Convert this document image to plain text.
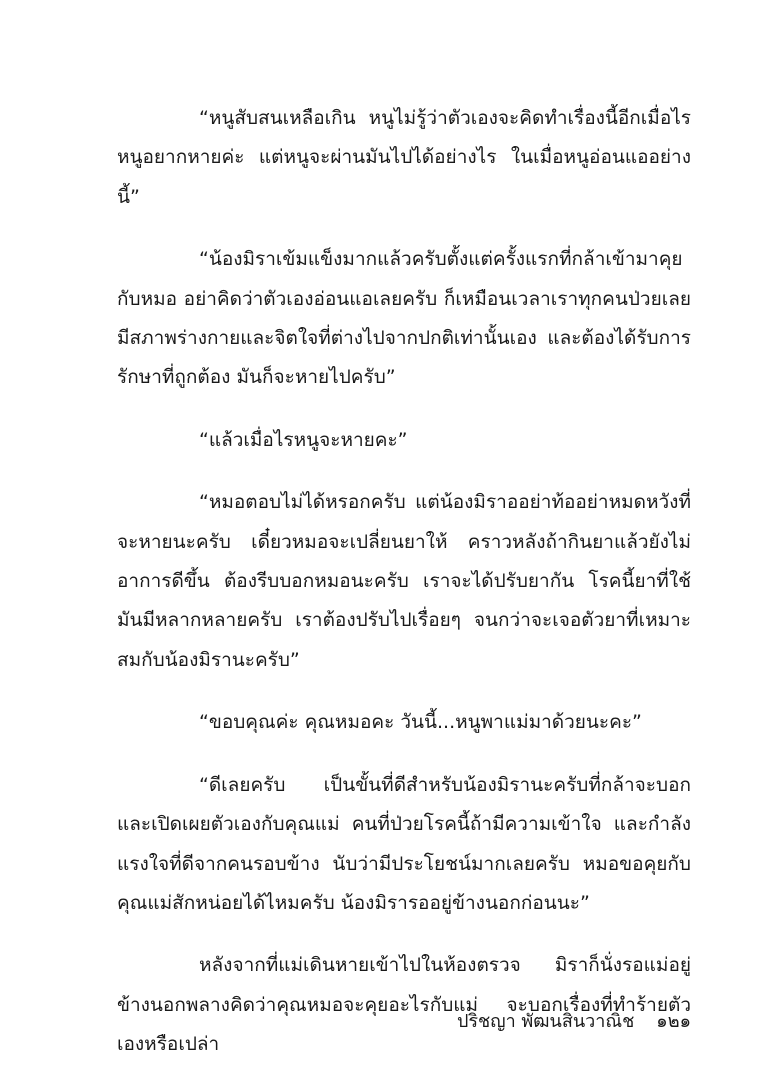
“หนูสับสนเหลือเกิน หนูไม่รู้ว่าตัวเองจะคิดทำเรื่องนี้อีกเมื่อไร หนูอยากหายค่ะ แต่หนูจะผ่านมันไปได้อย่างไร ในเมื่อหนูอ่อนแออย่างนี้”

“น้องมิราเข้มแข็งมากแล้วครับตั้งแต่ครั้งแรกที่กล้าเข้ามาคุยกับหมอ อย่าคิดว่าตัวเองอ่อนแอเลยครับ ก็เหมือนเวลาเราทุกคนป่วยเลยมีสภาพร่างกายและจิตใจที่ต่างไปจากปกติเท่านั้นเอง และต้องได้รับการรักษาที่ถูกต้อง มันก็จะหายไปครับ”

“แล้วเมื่อไรหนูจะหายคะ”

“หมอตอบไม่ได้หรอกครับ แต่น้องมิราออย่าท้ออย่าหมดหวังที่จะหายนะครับ เดี๋ยวหมอจะเปลี่ยนยาให้ คราวหลังถ้ากินยาแล้วยังไม่อาการดีขึ้น ต้องรีบบอกหมอนะครับ เราจะได้ปรับยากัน โรคนี้ยาที่ใช้มันมีหลากหลายครับ เราต้องปรับไปเรื่อยๆ จนกว่าจะเจอตัวยาที่เหมาะสมกับน้องมิรานะครับ”

“ขอบคุณค่ะ คุณหมอคะ วันนี้...หนูพาแม่มาด้วยนะคะ”

“ดีเลยครับ เป็นขั้นที่ดีสำหรับน้องมิรานะครับที่กล้าจะบอกและเปิดเผยตัวเองกับคุณแม่ คนที่ป่วยโรคนี้ถ้ามีความเข้าใจ และกำลังแรงใจที่ดีจากคนรอบข้าง นับว่ามีประโยชน์มากเลยครับ หมอขอคุยกับคุณแม่สักหน่อยได้ไหมครับ น้องมิรารออยู่ข้างนอกก่อนนะ”

หลังจากที่แม่เดินหายเข้าไปในห้องตรวจ มิราก็นั่งรอแม่อยู่ข้างนอกพลางคิดว่าคุณหมอจะคุยอะไรกับแม่ จะบอกเรื่องที่ทำร้ายตัวเองหรือเปล่า

ปริชญา พัฒนสินวาณิช ๑๒๑
